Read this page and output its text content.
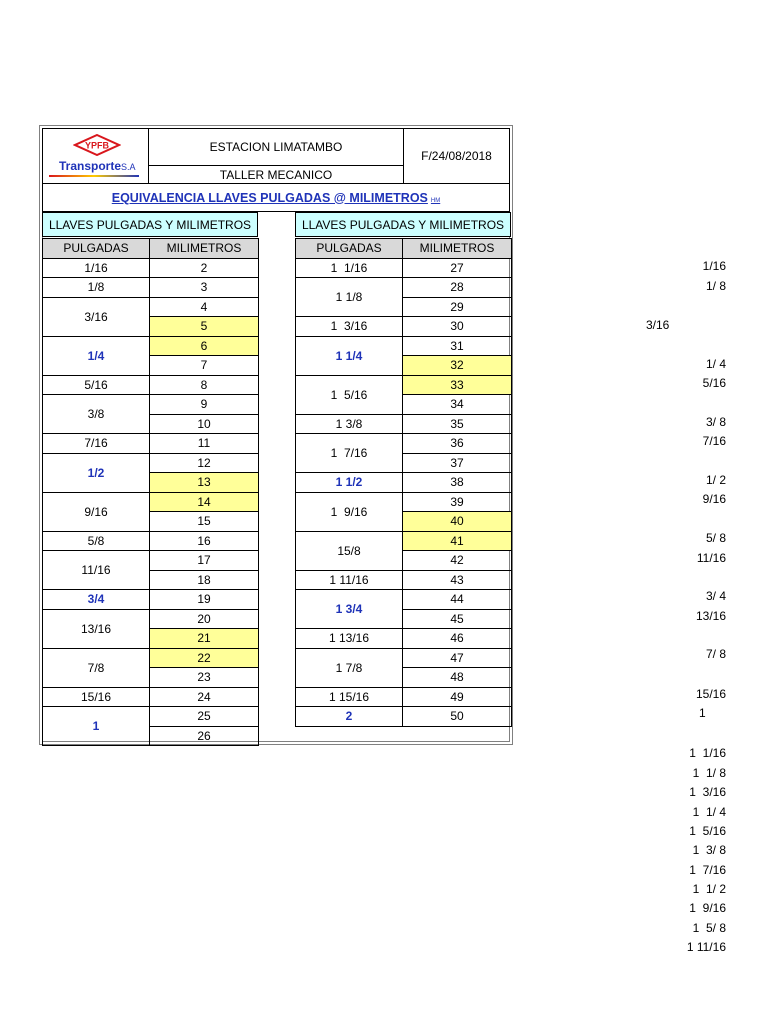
YPFB
TransporteS.A
ESTACION LIMATAMBO
TALLER MECANICO
F/24/08/2018
EQUIVALENCIA LLAVES PULGADAS @ MILIMETROS HM
LLAVES PULGADAS Y MILIMETROS	LLAVES PULGADAS Y MILIMETROS
PULGADAS	MILIMETROS
1/16	2
1/8	3
3/16	4
	5
1/4	6
	7
5/16	8
3/8	9
	10
7/16	11
1/2	12
	13
9/16	14
	15
5/8	16
11/16	17
	18
3/4	19
13/16	20
	21
7/8	22
	23
15/16	24
1	25
	26
PULGADAS	MILIMETROS
1  1/16	27
1 1/8	28
	29
1  3/16	30
1 1/4	31
	32
1  5/16	33
	34
1 3/8	35
1  7/16	36
	37
1 1/2	38
1  9/16	39
	40
15/8	41
	42
1 11/16	43
1 3/4	44
	45
1 13/16	46
1 7/8	47
	48
1 15/16	49
2	50
1/16
1/ 8
3/16
1/ 4
5/16
3/ 8
7/16
1/ 2
9/16
5/ 8
11/16
3/ 4
13/16
7/ 8
15/16
1
1  1/16
1  1/ 8
1  3/16
1  1/ 4
1  5/16
1  3/ 8
1  7/16
1  1/ 2
1  9/16
1  5/ 8
1 11/16
